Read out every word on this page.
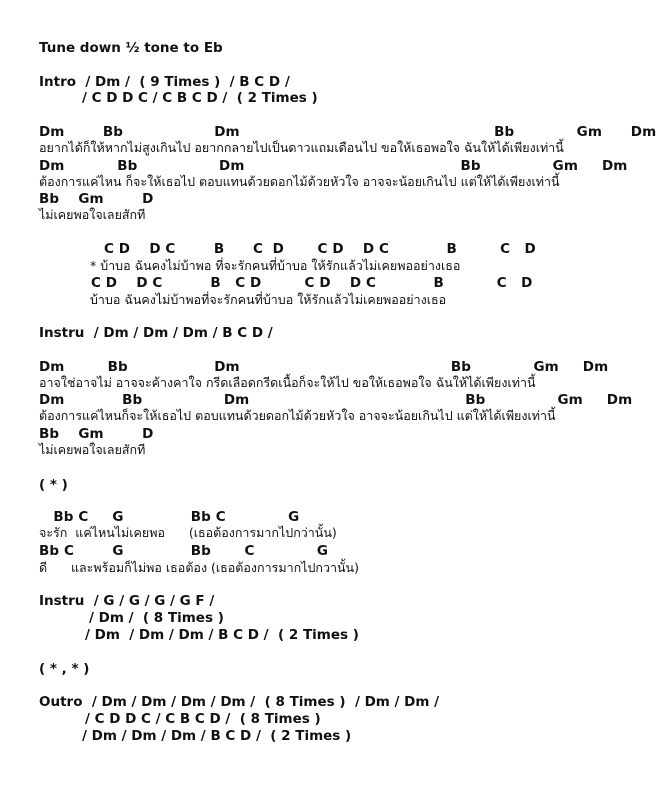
Tune down ½ tone to Eb
Intro  / Dm /  ( 9 Times )  / B C D /
/ C D D C / C B C D /  ( 2 Times )
Dm        Bb                   Dm                                                     Bb             Gm      Dm
อยากได้ก็ให้หากไม่สูงเกินไป อยากกลายไปเป็นดาวแถมเดือนไป ขอให้เธอพอใจ ฉันให้ได้เพียงเท่านี้
Dm           Bb                 Dm                                             Bb               Gm     Dm
ต้องการแค่ไหน ก็จะให้เธอไป ตอบแทนด้วยดอกไม้ด้วยหัวใจ อาจจะน้อยเกินไป แต่ให้ได้เพียงเท่านี้
Bb    Gm        D
ไม่เคยพอใจเลยสักที
C D    D C        B      C  D       C D    D C            B         C   D
* บ้าบอ ฉันคงไม่บ้าพอ ที่จะรักคนที่บ้าบอ ให้รักแล้วไม่เคยพออย่างเธอ
C D    D C          B   C D         C D    D C            B           C   D
บ้าบอ ฉันคงไม่บ้าพอที่จะรักคนที่บ้าบอ ให้รักแล้วไม่เคยพออย่างเธอ
Instru  / Dm / Dm / Dm / B C D /
Dm         Bb                  Dm                                            Bb             Gm     Dm
อาจใช่อาจไม่ อาจจะค้างคาใจ กรีดเลือดกรีดเนื้อก็จะให้ไป ขอให้เธอพอใจ ฉันให้ได้เพียงเท่านี้
Dm            Bb                 Dm                                             Bb               Gm     Dm
ต้องการแค่ไหนก็จะให้เธอไป ตอบแทนด้วยดอกไม้ด้วยหัวใจ อาจจะน้อยเกินไป แต่ให้ได้เพียงเท่านี้
Bb    Gm        D
ไม่เคยพอใจเลยสักที
( * )
Bb C     G              Bb C             G
จะรัก  แค่ไหนไม่เคยพอ      (เธอต้องการมากไปกว่านั้น)
Bb C        G              Bb       C             G
ดี      และพร้อมก็ไม่พอ เธอต้อง (เธอต้องการมากไปกวานั้น)
Instru  / G / G / G / G F /
/ Dm /  ( 8 Times )
/ Dm  / Dm / Dm / B C D /  ( 2 Times )
( * , * )
Outro  / Dm / Dm / Dm / Dm /  ( 8 Times )  / Dm / Dm /
/ C D D C / C B C D /  ( 8 Times )
/ Dm / Dm / Dm / B C D /  ( 2 Times )
